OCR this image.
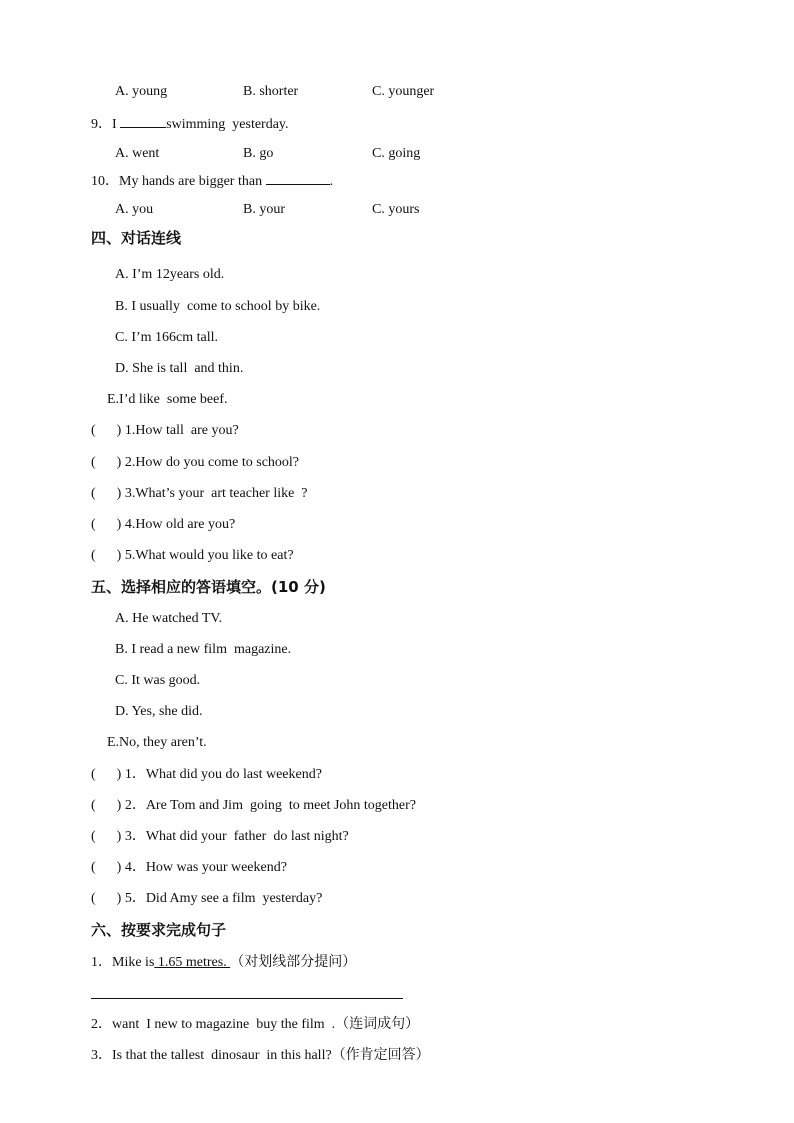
A. young	B. shorter	C. younger
9．I	swimming  yesterday.
A. went	B. go	C. going
10．My hands are bigger than	.
A. you	B. your	C. yours
四、对话连线
A. I’m 12years old.
B. I usually  come to school by bike.
C. I’m 166cm tall.
D. She is tall  and thin.
E.I’d like  some beef.
(      ) 1.How tall  are you?
(      ) 2.How do you come to school?
(      ) 3.What’s your  art teacher like  ?
(      ) 4.How old are you?
(      ) 5.What would you like to eat?
五、选择相应的答语填空。(10 分)
A. He watched TV.
B. I read a new film  magazine.
C. It was good.
D. Yes, she did.
E.No, they aren’t.
(      ) 1．What did you do last weekend?
(      ) 2．Are Tom and Jim  going  to meet John together?
(      ) 3．What did your  father  do last night?
(      ) 4．How was your weekend?
(      ) 5．Did Amy see a film  yesterday?
六、按要求完成句子
1．Mike is 1.65 metres. （对划线部分提问）
2．want  I new to magazine  buy the film  .（连词成句）
3．Is that the tallest  dinosaur  in this hall?（作肯定回答）
